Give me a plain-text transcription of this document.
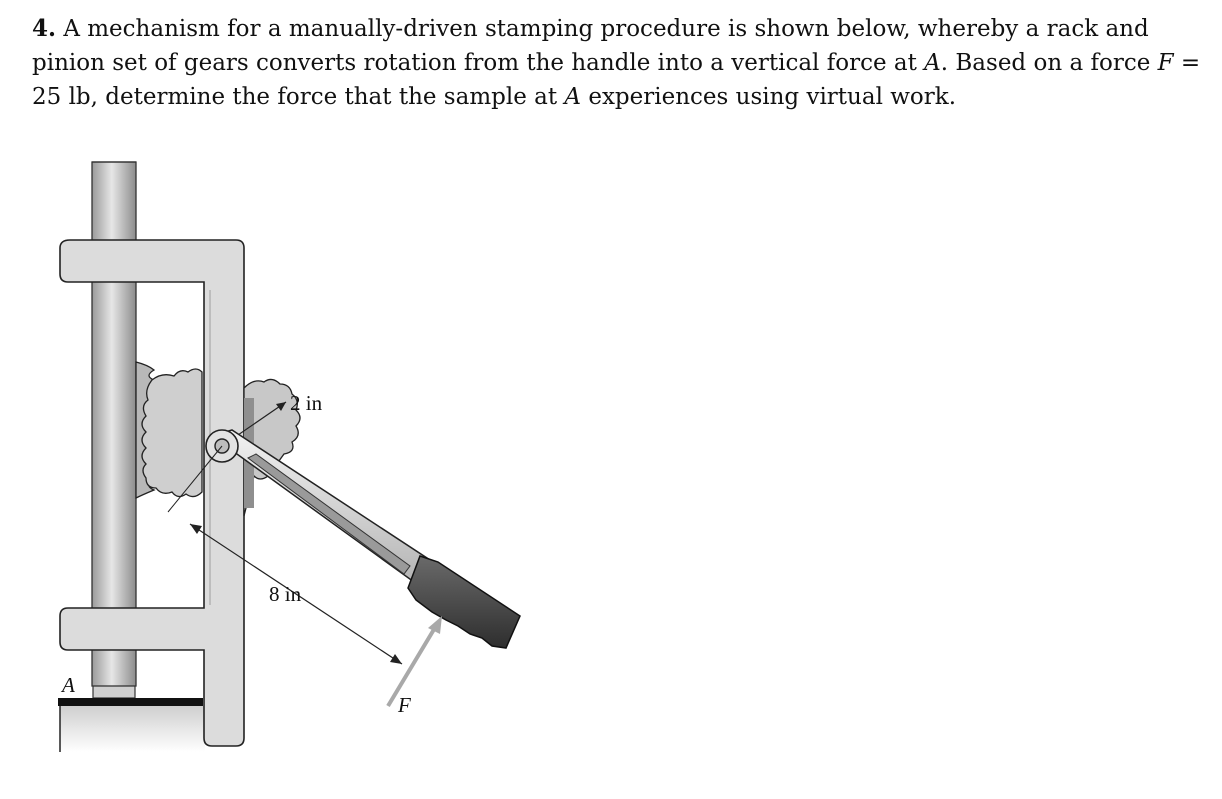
4. A mechanism for a manually-driven stamping procedure is shown below, whereby a rack and pinion set of gears converts rotation from the handle into a vertical force at A. Based on a force F = 25 lb, determine the force that the sample at A experiences using virtual work.

2 in
8 in
A
F
